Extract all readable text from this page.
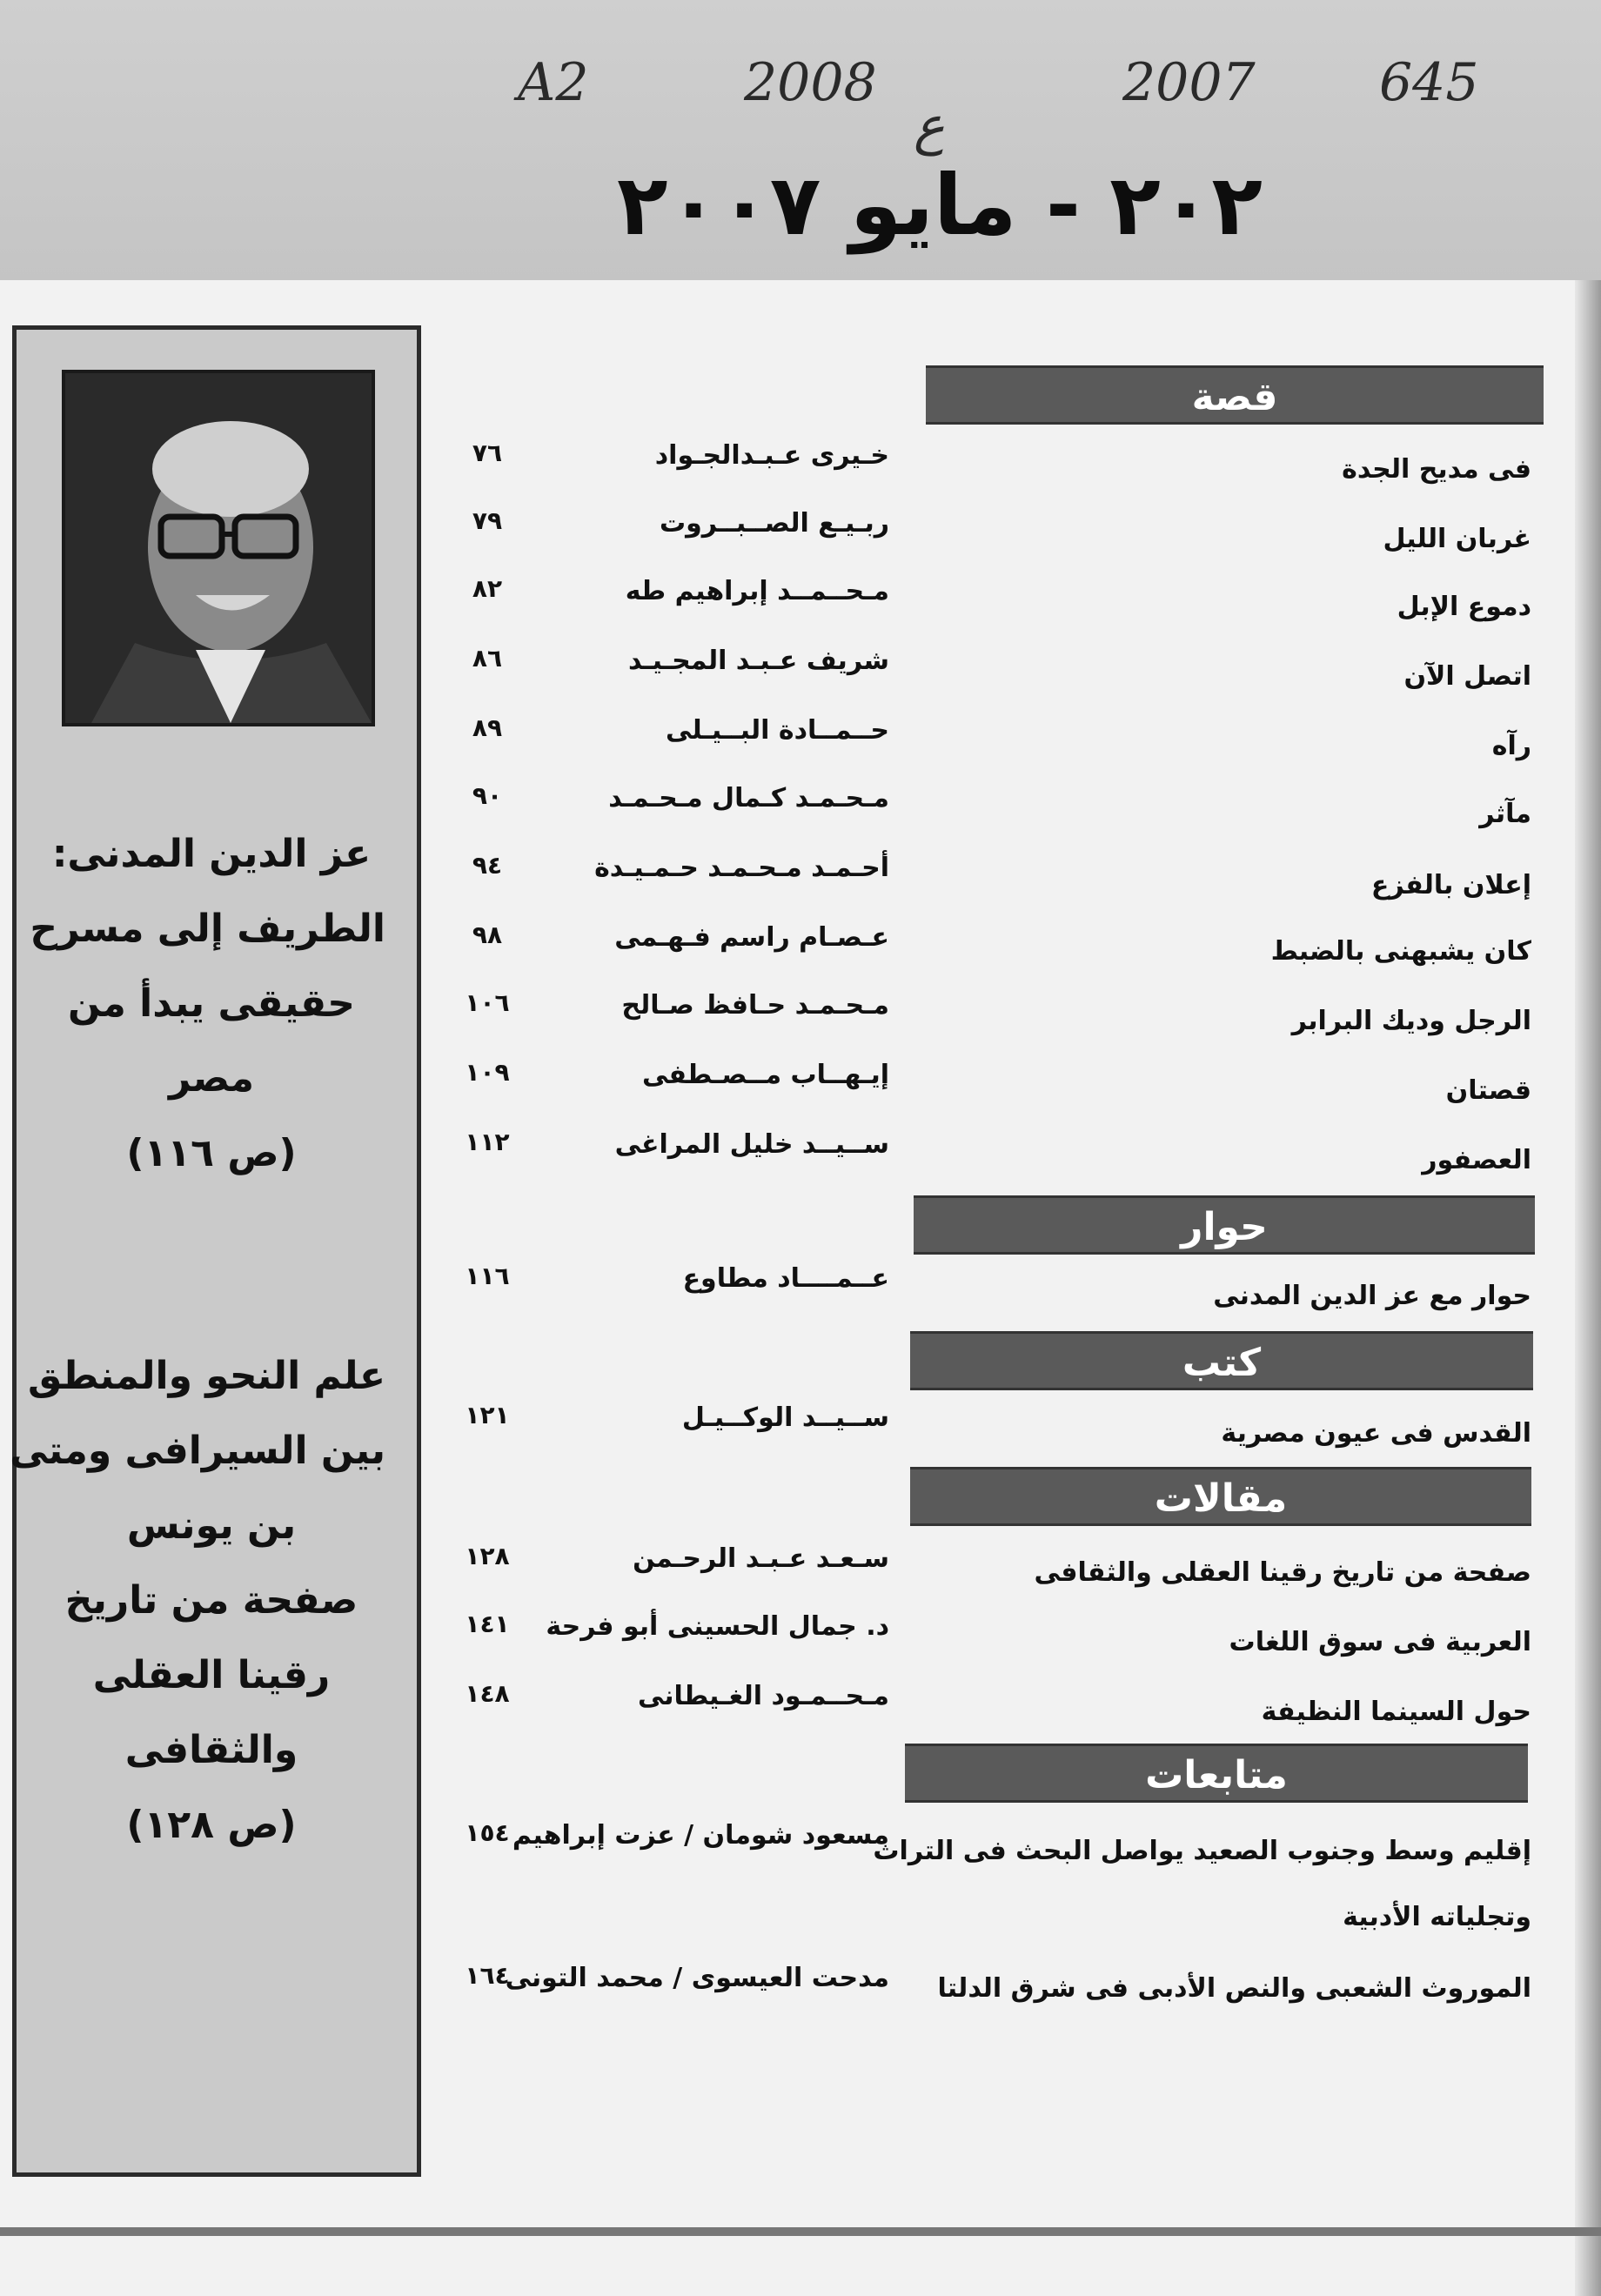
A2	2008
ع
2007 645
٢٠٢ - مايو ٢٠٠٧
عز الدين المدنى:
الطريف إلى مسرح
حقيقى يبدأ من
مصر
(ص ١١٦)
علم النحو والمنطق
بين السيرافى ومتى
بن يونس
صفحة من تاريخ
رقينا العقلى
والثقافى
(ص ١٢٨)
قصة
فى مديح الجدة
خـيرى عـبـدالجـواد
٧٦
غربان الليل
ربـيـع الصــبــروت
٧٩
دموع الإبل
مـحــمــد إبراهيم طه
٨٢
اتصل الآن
شريف عـبـد المجـيـد
٨٦
رآه
حــمــادة البــيـلى
٨٩
مآثر
مـحـمـد كـمال مـحـمـد
٩٠
إعلان بالفزع
أحـمـد مـحـمـد حـمـيـدة
٩٤
كان يشبهنى بالضبط
عـصـام راسم فـهـمى
٩٨
الرجل وديك البرابر
مـحـمـد حـافظ صـالح
١٠٦
قصتان
إيـهــاب مــصـطفى
١٠٩
العصفور
ســيــد خليل المراغى
١١٢
حوار
حوار مع عز الدين المدنى
عــمــــاد مطاوع
١١٦
كتب
القدس فى عيون مصرية
ســيــد الوكــيـل
١٢١
مقالات
صفحة من تاريخ رقينا العقلى والثقافى
سـعـد عـبـد الرحـمن
١٢٨
العربية فى سوق اللغات
د. جمال الحسينى أبو فرحة
١٤١
حول السينما النظيفة
مـحــمـود الغـيطانى
١٤٨
متابعات
إقليم وسط وجنوب الصعيد يواصل البحث فى التراث
مسعود شومان / عزت إبراهيم
١٥٤
وتجلياته الأدبية
الموروث الشعبى والنص الأدبى فى شرق الدلتا
مدحت العيسوى / محمد التونى
١٦٤
